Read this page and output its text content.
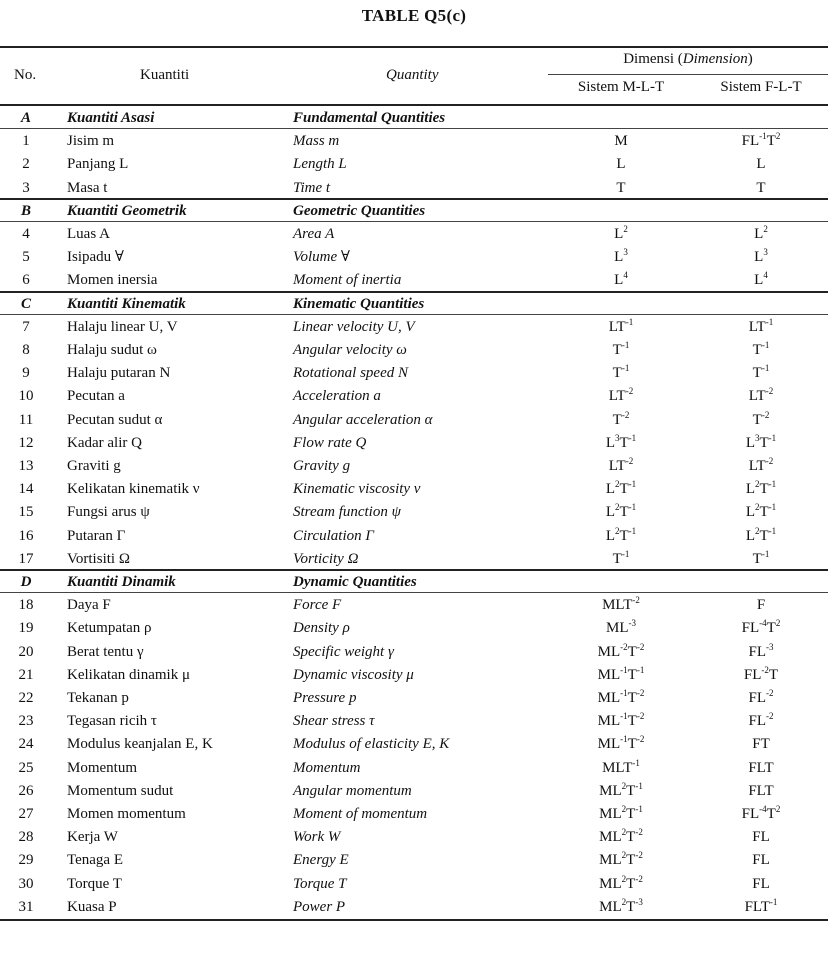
TABLE Q5(c)
No.	Kuantiti	Quantity
Dimensi (Dimension)
Sistem M-L-T	Sistem F-L-T
A	Kuantiti Asasi	Fundamental Quantities
1	Jisim m	Mass m	M	$FL^{-1}T^2$
2	Panjang L	Length L	L	L
3	Masa t	Time t	T	T
B	Kuantiti Geometrik	Geometric Quantities
4	Luas A	Area A	$L^2$	$L^2$
5	Isipadu ∀	Volume ∀	$L^3$	$L^3$
6	Momen inersia	Moment of inertia	$L^4$	$L^4$
C	Kuantiti Kinematik	Kinematic Quantities
7	Halaju linear U, V	Linear velocity U, V	$LT^{-1}$	$LT^{-1}$
8	Halaju sudut ω	Angular velocity ω	$T^{-1}$	$T^{-1}$
9	Halaju putaran N	Rotational speed N	$T^{-1}$	$T^{-1}$
10	Pecutan a	Acceleration a	$LT^{-2}$	$LT^{-2}$
11	Pecutan sudut α	Angular acceleration α	$T^{-2}$	$T^{-2}$
12	Kadar alir Q	Flow rate Q	$L^3T^{-1}$	$L^3T^{-1}$
13	Graviti g	Gravity g	$LT^{-2}$	$LT^{-2}$
14	Kelikatan kinematik ν	Kinematic viscosity ν	$L^2T^{-1}$	$L^2T^{-1}$
15	Fungsi arus ψ	Stream function ψ	$L^2T^{-1}$	$L^2T^{-1}$
16	Putaran Γ	Circulation Γ	$L^2T^{-1}$	$L^2T^{-1}$
17	Vortisiti Ω	Vorticity Ω	$T^{-1}$	$T^{-1}$
D	Kuantiti Dinamik	Dynamic Quantities
18	Daya F	Force F	$MLT^{-2}$	F
19	Ketumpatan ρ	Density ρ	$ML^{-3}$	$FL^{-4}T^2$
20	Berat tentu γ	Specific weight γ	$ML^{-2}T^{-2}$	$FL^{-3}$
21	Kelikatan dinamik μ	Dynamic viscosity μ	$ML^{-1}T^{-1}$	$FL^{-2}T$
22	Tekanan p	Pressure p	$ML^{-1}T^{-2}$	$FL^{-2}$
23	Tegasan ricih τ	Shear stress τ	$ML^{-1}T^{-2}$	$FL^{-2}$
24	Modulus keanjalan E, K	Modulus of elasticity E, K	$ML^{-1}T^{-2}$	FT
25	Momentum	Momentum	$MLT^{-1}$	FLT
26	Momentum sudut	Angular momentum	$ML^2T^{-1}$	FLT
27	Momen momentum	Moment of momentum	$ML^2T^{-1}$	$FL^{-4}T^2$
28	Kerja W	Work W	$ML^2T^{-2}$	FL
29	Tenaga E	Energy E	$ML^2T^{-2}$	FL
30	Torque T	Torque T	$ML^2T^{-2}$	FL
31	Kuasa P	Power P	$ML^2T^{-3}$	$FLT^{-1}$
